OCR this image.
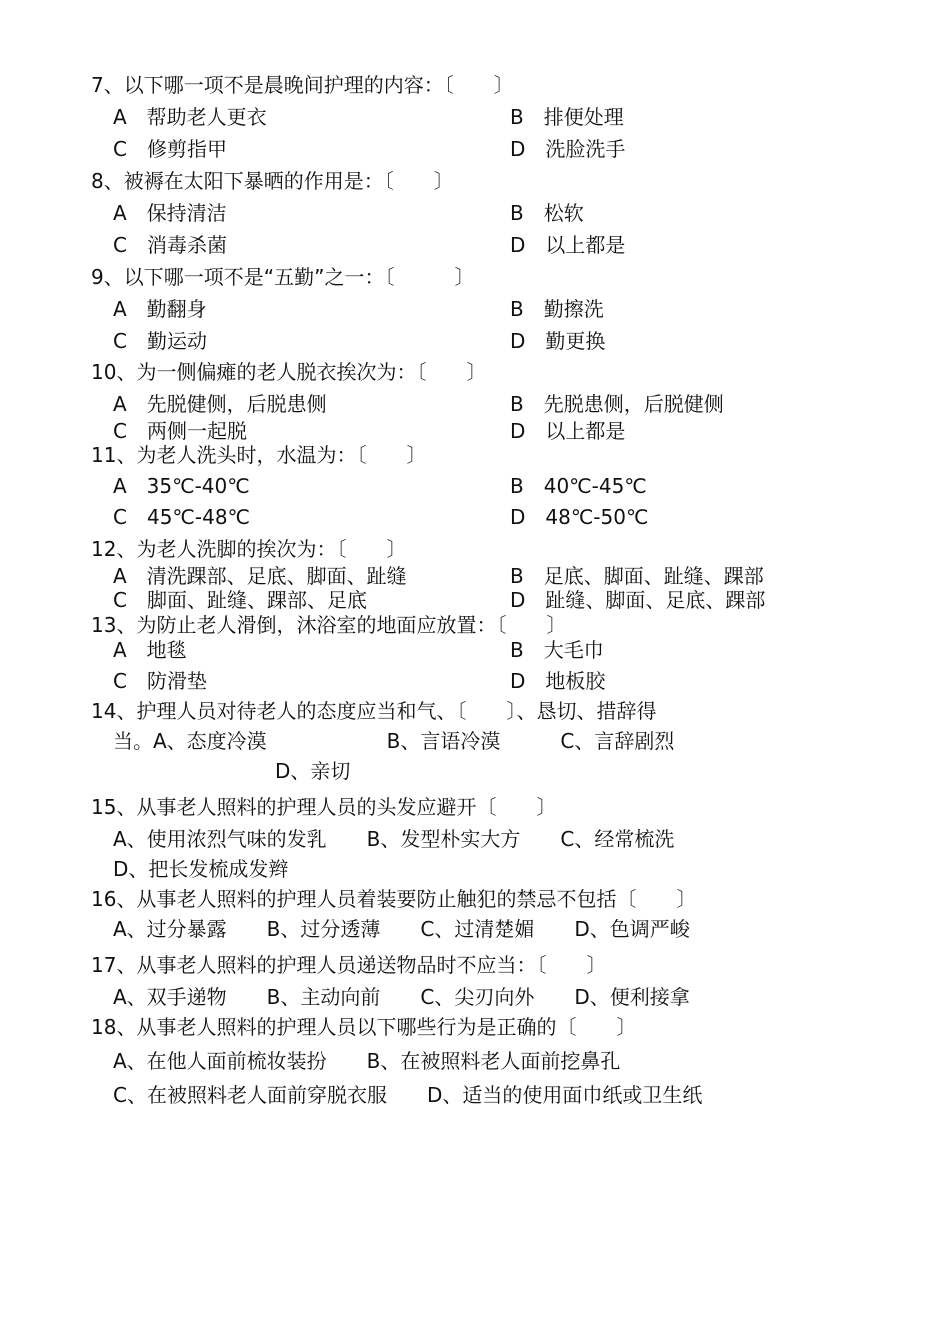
7、以下哪一项不是晨晚间护理的内容：〔　　〕
A　帮助老人更衣	B　排便处理
C　修剪指甲	D　洗脸洗手
8、被褥在太阳下暴晒的作用是：〔　　〕
A　保持清洁	B　松软
C　消毒杀菌	D　以上都是
9、以下哪一项不是“五勤”之一：〔　　　〕
A　勤翻身	B　勤擦洗
C　勤运动	D　勤更换
10、为一侧偏瘫的老人脱衣挨次为：〔　　〕
A　先脱健侧，后脱患侧	B　先脱患侧，后脱健侧
C　两侧一起脱	D　以上都是
11、为老人洗头时，水温为：〔　　〕
A　35℃-40℃	B　40℃-45℃
C　45℃-48℃	D　48℃-50℃
12、为老人洗脚的挨次为：〔　　〕
A　清洗踝部、足底、脚面、趾缝	B　足底、脚面、趾缝、踝部
C　脚面、趾缝、踝部、足底	D　趾缝、脚面、足底、踝部
13、为防止老人滑倒，沐浴室的地面应放置：〔　　〕
A　地毯	B　大毛巾
C　防滑垫	D　地板胶
14、护理人员对待老人的态度应当和气、〔　　〕、恳切、措辞得
当。A、态度冷漠　　　　　　B、言语冷漠　　　C、言辞剧烈
D、亲切
15、从事老人照料的护理人员的头发应避开〔　　〕
A、使用浓烈气味的发乳　　B、发型朴实大方　　C、经常梳洗
D、把长发梳成发辫
16、从事老人照料的护理人员着装要防止触犯的禁忌不包括〔　　〕
A、过分暴露　　B、过分透薄　　C、过清楚媚　　D、色调严峻
17、从事老人照料的护理人员递送物品时不应当：〔　　〕
A、双手递物　　B、主动向前　　C、尖刃向外　　D、便利接拿
18、从事老人照料的护理人员以下哪些行为是正确的〔　　〕
A、在他人面前梳妆装扮　　B、在被照料老人面前挖鼻孔
C、在被照料老人面前穿脱衣服　　D、适当的使用面巾纸或卫生纸
